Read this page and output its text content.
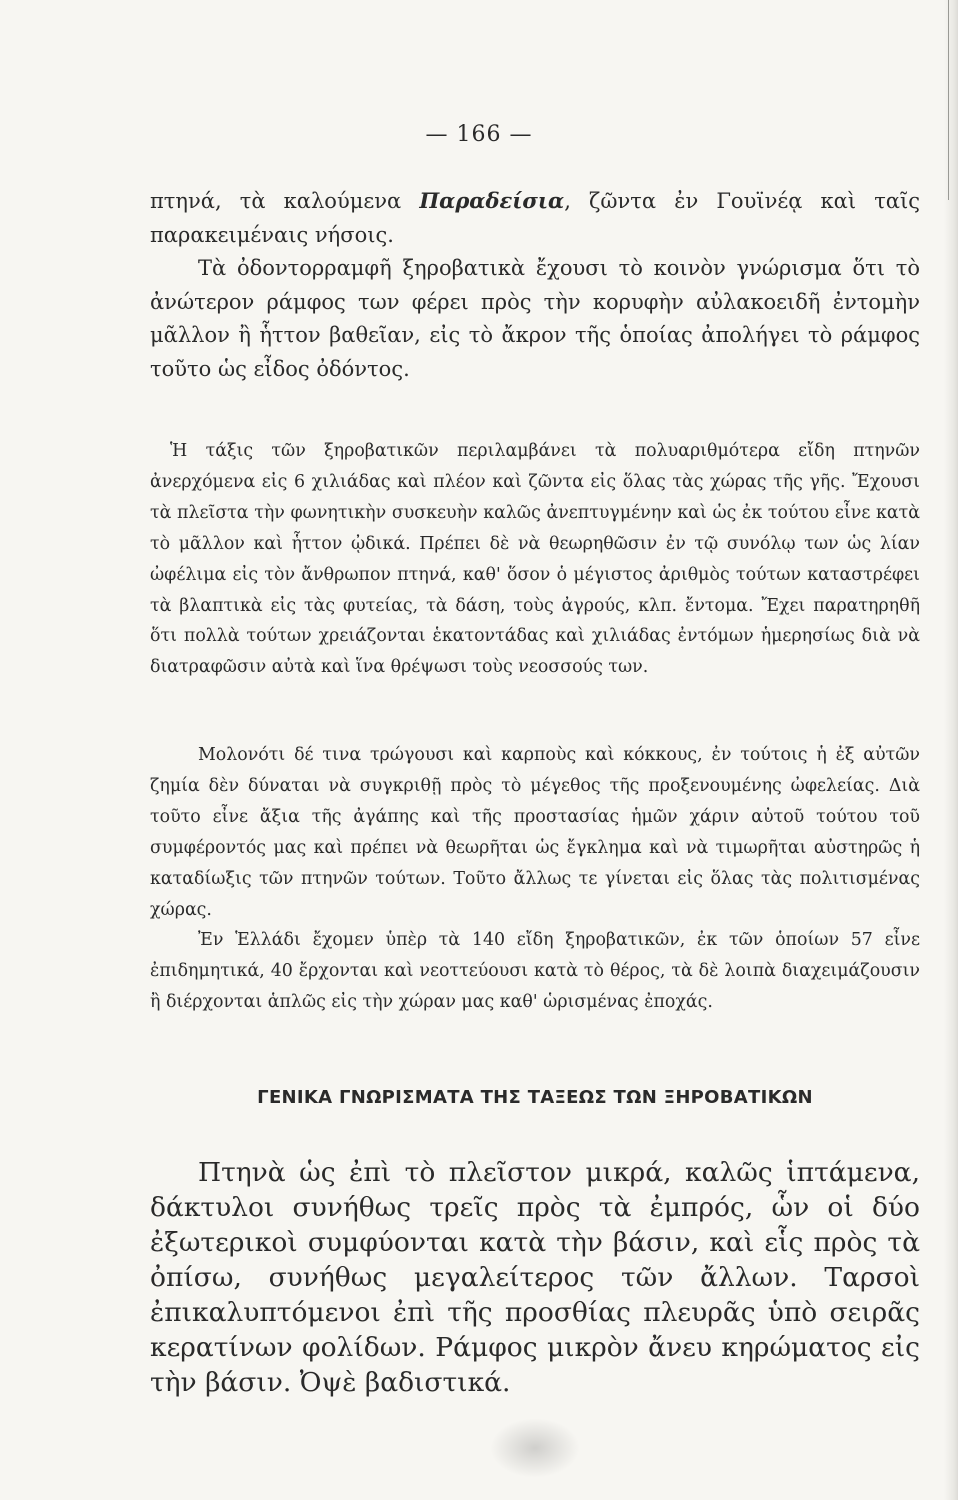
— 166 —

πτηνά, τὰ καλούμενα Παραδείσια, ζῶντα ἐν Γουϊνέᾳ καὶ ταῖς παρακειμέναις νήσοις.

Τὰ ὀδοντορραμφῆ ξηροβατικὰ ἔχουσι τὸ κοινὸν γνώρισμα ὅτι τὸ ἀνώτερον ράμφος των φέρει πρὸς τὴν κορυφὴν αὐλακοειδῆ ἐντομὴν μᾶλλον ἢ ἧττον βαθεῖαν, εἰς τὸ ἄκρον τῆς ὁποίας ἀπολήγει τὸ ράμφος τοῦτο ὡς εἶδος ὀδόντος.

Ἡ τάξις τῶν ξηροβατικῶν περιλαμβάνει τὰ πολυαριθμότερα εἴδη πτηνῶν ἀνερχόμενα εἰς 6 χιλιάδας καὶ πλέον καὶ ζῶντα εἰς ὅλας τὰς χώρας τῆς γῆς. Ἔχουσι τὰ πλεῖστα τὴν φωνητικὴν συσκευὴν καλῶς ἀνεπτυγμένην καὶ ὡς ἐκ τούτου εἶνε κατὰ τὸ μᾶλλον καὶ ἧττον ᾠδικά. Πρέπει δὲ νὰ θεωρηθῶσιν ἐν τῷ συνόλῳ των ὡς λίαν ὠφέλιμα εἰς τὸν ἄνθρωπον πτηνά, καθ' ὅσον ὁ μέγιστος ἀριθμὸς τούτων καταστρέφει τὰ βλαπτικὰ εἰς τὰς φυτείας, τὰ δάση, τοὺς ἀγρούς, κλπ. ἔντομα. Ἔχει παρατηρηθῆ ὅτι πολλὰ τούτων χρειάζονται ἑκατοντάδας καὶ χιλιάδας ἐντόμων ἡμερησίως διὰ νὰ διατραφῶσιν αὐτὰ καὶ ἵνα θρέψωσι τοὺς νεοσσούς των.

Μολονότι δέ τινα τρώγουσι καὶ καρποὺς καὶ κόκκους, ἐν τούτοις ἡ ἐξ αὐτῶν ζημία δὲν δύναται νὰ συγκριθῇ πρὸς τὸ μέγεθος τῆς προξενουμένης ὠφελείας. Διὰ τοῦτο εἶνε ἄξια τῆς ἀγάπης καὶ τῆς προστασίας ἡμῶν χάριν αὐτοῦ τούτου τοῦ συμφέροντός μας καὶ πρέπει νὰ θεωρῆται ὡς ἔγκλημα καὶ νὰ τιμωρῆται αὐστηρῶς ἡ καταδίωξις τῶν πτηνῶν τούτων. Τοῦτο ἄλλως τε γίνεται εἰς ὅλας τὰς πολιτισμένας χώρας.

Ἐν Ἑλλάδι ἔχομεν ὑπὲρ τὰ 140 εἴδη ξηροβατικῶν, ἐκ τῶν ὁποίων 57 εἶνε ἐπιδημητικά, 40 ἔρχονται καὶ νεοττεύουσι κατὰ τὸ θέρος, τὰ δὲ λοιπὰ διαχειμάζουσιν ἢ διέρχονται ἁπλῶς εἰς τὴν χώραν μας καθ' ὡρισμένας ἐποχάς.

ΓΕΝΙΚΑ ΓΝΩΡΙΣΜΑΤΑ ΤΗΣ ΤΑΞΕΩΣ ΤΩΝ ΞΗΡΟΒΑΤΙΚΩΝ

Πτηνὰ ὡς ἐπὶ τὸ πλεῖστον μικρά, καλῶς ἱπτάμενα, δάκτυλοι συνήθως τρεῖς πρὸς τὰ ἐμπρός, ὧν οἱ δύο ἐξωτερικοὶ συμφύονται κατὰ τὴν βάσιν, καὶ εἷς πρὸς τὰ ὀπίσω, συνήθως μεγαλείτερος τῶν ἄλλων. Ταρσοὶ ἐπικαλυπτόμενοι ἐπὶ τῆς προσθίας πλευρᾶς ὑπὸ σειρᾶς κερατίνων φολίδων. Ράμφος μικρὸν ἄνευ κηρώματος εἰς τὴν βάσιν. Ὀψὲ βαδιστικά.
